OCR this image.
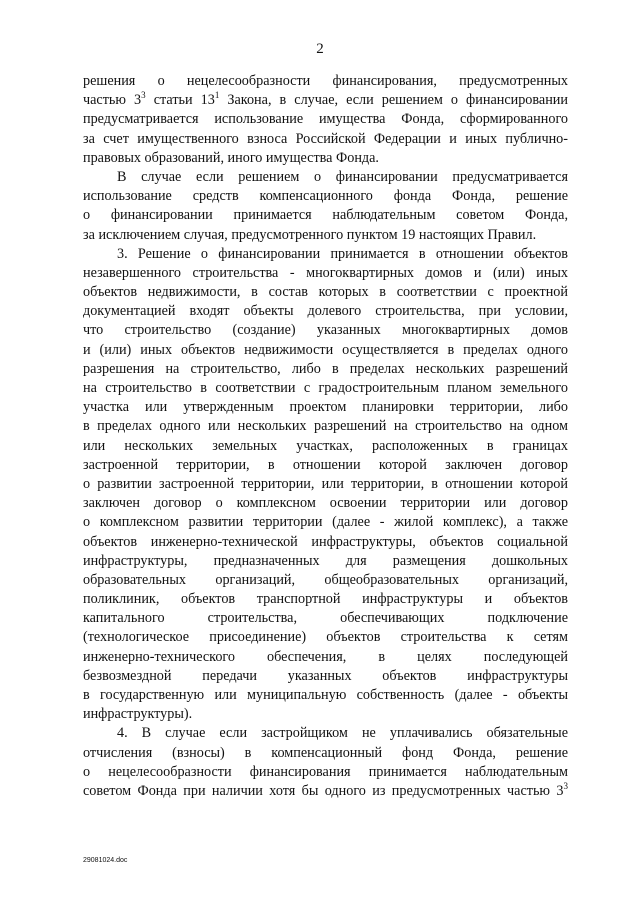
2
решения о нецелесообразности финансирования, предусмотренных
частью $3^3$ статьи $13^1$ Закона, в случае, если решением о финансировании
предусматривается использование имущества Фонда, сформированного
за счет имущественного взноса Российской Федерации и иных публично-
правовых образований, иного имущества Фонда.
В случае если решением о финансировании предусматривается
использование средств компенсационного фонда Фонда, решение
о финансировании принимается наблюдательным советом Фонда,
за исключением случая, предусмотренного пунктом 19 настоящих Правил.
3. Решение о финансировании принимается в отношении объектов
незавершенного строительства - многоквартирных домов и (или) иных
объектов недвижимости, в состав которых в соответствии с проектной
документацией входят объекты долевого строительства, при условии,
что строительство (создание) указанных многоквартирных домов
и (или) иных объектов недвижимости осуществляется в пределах одного
разрешения на строительство, либо в пределах нескольких разрешений
на строительство в соответствии с градостроительным планом земельного
участка или утвержденным проектом планировки территории, либо
в пределах одного или нескольких разрешений на строительство на одном
или нескольких земельных участках, расположенных в границах
застроенной территории, в отношении которой заключен договор
о развитии застроенной территории, или территории, в отношении которой
заключен договор о комплексном освоении территории или договор
о комплексном развитии территории (далее - жилой комплекс), а также
объектов инженерно-технической инфраструктуры, объектов социальной
инфраструктуры, предназначенных для размещения дошкольных
образовательных организаций, общеобразовательных организаций,
поликлиник, объектов транспортной инфраструктуры и объектов
капитального строительства, обеспечивающих подключение
(технологическое присоединение) объектов строительства к сетям
инженерно-технического обеспечения, в целях последующей
безвозмездной передачи указанных объектов инфраструктуры
в государственную или муниципальную собственность (далее - объекты
инфраструктуры).
4. В случае если застройщиком не уплачивались обязательные
отчисления (взносы) в компенсационный фонд Фонда, решение
о нецелесообразности финансирования принимается наблюдательным
советом Фонда при наличии хотя бы одного из предусмотренных частью $3^3$
29081024.doc
